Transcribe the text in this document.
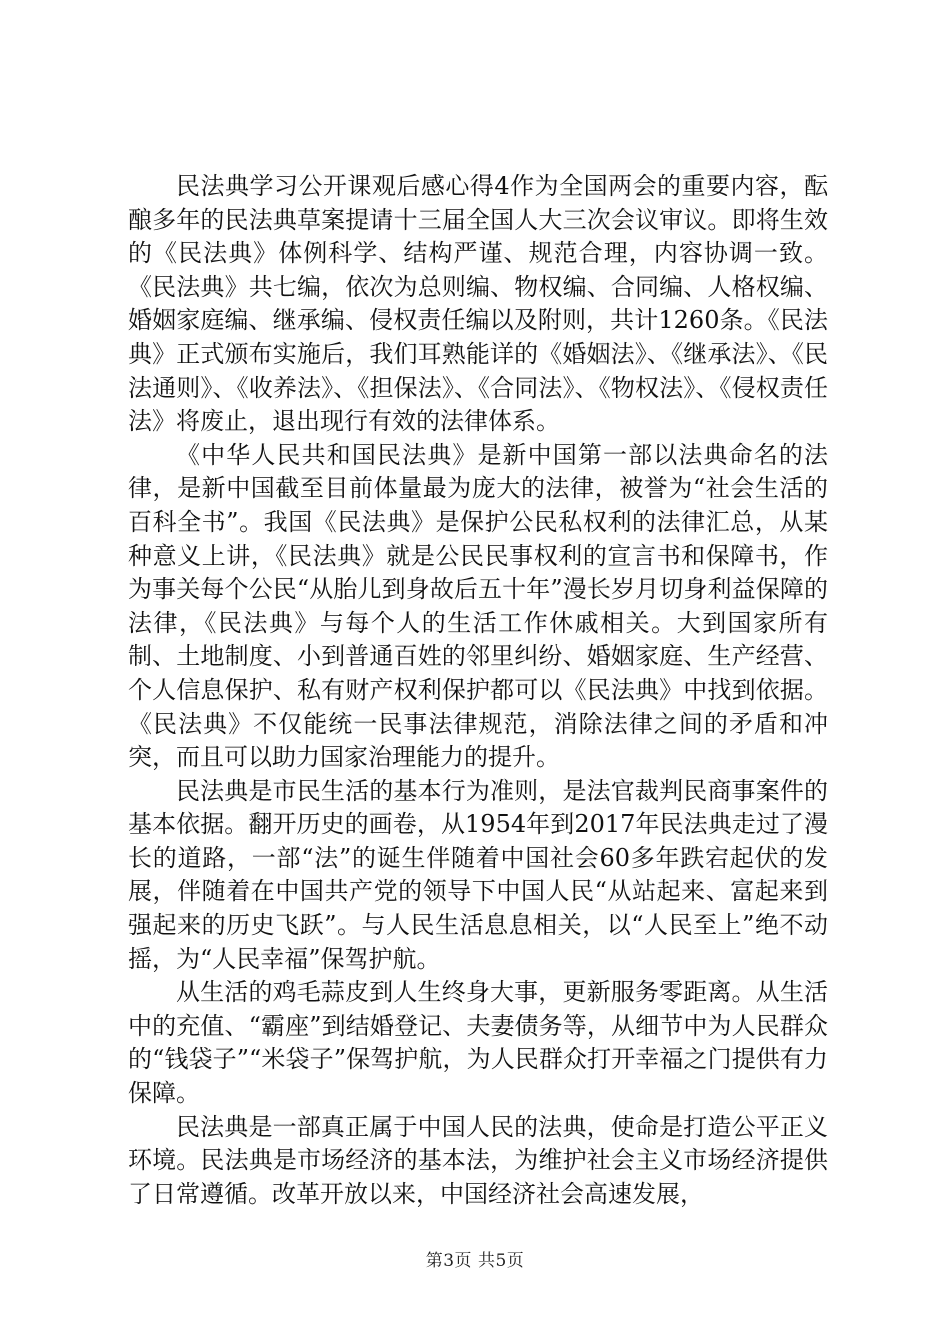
民法典学习公开课观后感心得4作为全国两会的重要内容，酝酿多年的民法典草案提请十三届全国人大三次会议审议。即将生效的《民法典》体例科学、结构严谨、规范合理，内容协调一致。《民法典》共七编，依次为总则编、物权编、合同编、人格权编、婚姻家庭编、继承编、侵权责任编以及附则，共计1260条。《民法典》正式颁布实施后，我们耳熟能详的《婚姻法》、《继承法》、《民法通则》、《收养法》、《担保法》、《合同法》、《物权法》、《侵权责任法》将废止，退出现行有效的法律体系。

《中华人民共和国民法典》是新中国第一部以法典命名的法律，是新中国截至目前体量最为庞大的法律，被誉为“社会生活的百科全书”。我国《民法典》是保护公民私权利的法律汇总，从某种意义上讲，《民法典》就是公民民事权利的宣言书和保障书，作为事关每个公民“从胎儿到身故后五十年”漫长岁月切身利益保障的法律，《民法典》与每个人的生活工作休戚相关。大到国家所有制、土地制度、小到普通百姓的邻里纠纷、婚姻家庭、生产经营、个人信息保护、私有财产权利保护都可以《民法典》中找到依据。《民法典》不仅能统一民事法律规范，消除法律之间的矛盾和冲突，而且可以助力国家治理能力的提升。

民法典是市民生活的基本行为准则，是法官裁判民商事案件的基本依据。翻开历史的画卷，从1954年到2017年民法典走过了漫长的道路，一部“法”的诞生伴随着中国社会60多年跌宕起伏的发展，伴随着在中国共产党的领导下中国人民“从站起来、富起来到强起来的历史飞跃”。与人民生活息息相关，以“人民至上”绝不动摇，为“人民幸福”保驾护航。

从生活的鸡毛蒜皮到人生终身大事，更新服务零距离。从生活中的充值、“霸座”到结婚登记、夫妻债务等，从细节中为人民群众的“钱袋子”“米袋子”保驾护航，为人民群众打开幸福之门提供有力保障。

民法典是一部真正属于中国人民的法典，使命是打造公平正义环境。民法典是市场经济的基本法，为维护社会主义市场经济提供了日常遵循。改革开放以来，中国经济社会高速发展，

第3页 共5页
